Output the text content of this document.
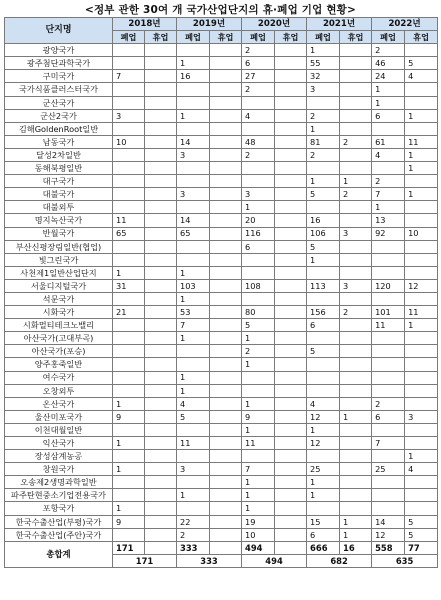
<정부 관한 30여 개 국가산업단지의 휴·폐업 기업 현황>
단지명	2018년		2019년		2020년		2021년		2022년	
	폐업	휴업	폐업	휴업	폐업	휴업	폐업	휴업	폐업	휴업
광양국가					2		1		2	
광주첨단과학국가			1		6		55		46	5
구미국가	7		16		27		32		24	4
국가식품클러스터국가					2		3		1	
군산국가									1	
군산2국가	3		1		4		2		6	1
김해GoldenRoot일반							1			
남동국가	10		14		48		81	2	61	11
달성2차일반			3		2		2		4	1
동해북평일반										1
대구국가							1	1	2	
대불국가			3		3		5	2	7	1
대불외투					1				1	
명지녹산국가	11		14		20		16		13	
반월국가	65		65		116		106	3	92	10
부산신평장림일반(협업)					6		5			
빛그린국가							1			
사천제1일반산업단지	1		1							
서울디지털국가	31		103		108		113	3	120	12
석문국가			1							
시화국가	21		53		80		156	2	101	11
시화멀티테크노밸리			7		5		6		11	1
아산국가(고대부곡)			1		1					
아산국가(포승)					2		5			
양주홍죽일반					1					
여수국가			1							
오창외투			1							
온산국가	1		4		1		4		2	
울산미포국가	9		5		9		12	1	6	3
이천대월일반					1		1			
익산국가	1		11		11		12		7	
장성삼계농공										1
창원국가	1		3		7		25		25	4
오송제2생명과학일반					1		1			
파주탄현중소기업전용국가			1		1		1			
포항국가	1				1					
한국수출산업(부평)국가	9		22		19		15	1	14	5
한국수출산업(주안)국가			2		10		6	1	12	5
총합계	171		333		494		666	16	558	77
	171		333		494		682		635	
